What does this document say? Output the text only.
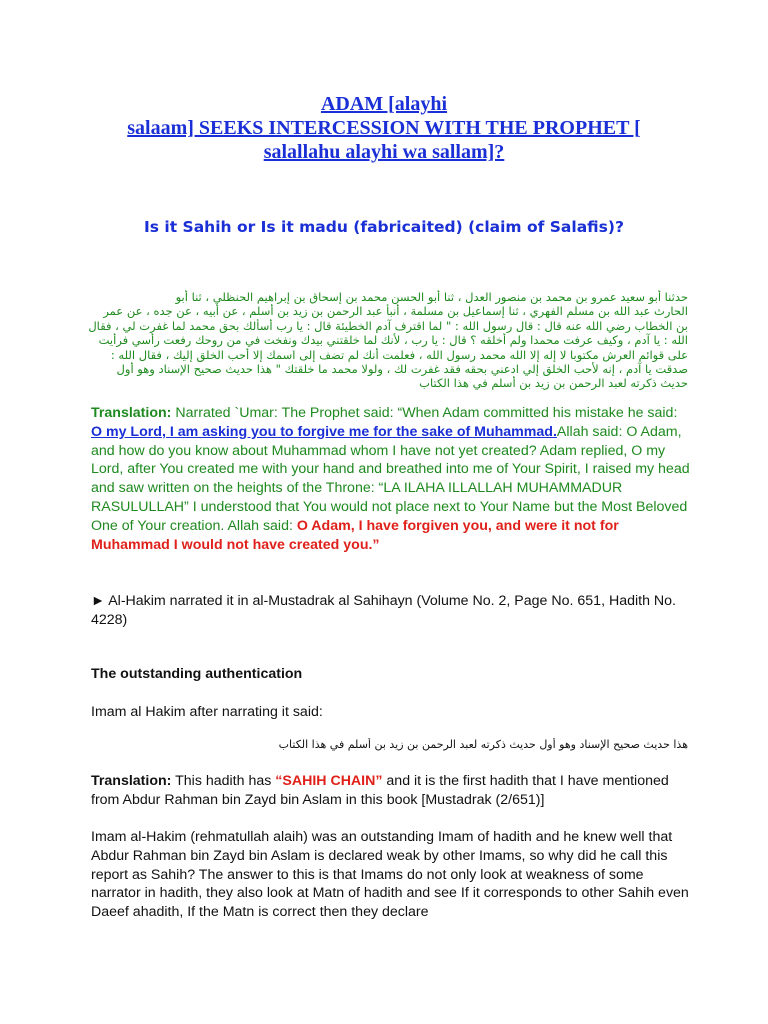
ADAM [alayhi
salaam] SEEKS INTERCESSION WITH THE PROPHET [
salallahu alayhi wa sallam]?
Is it Sahih or Is it madu (fabricaited) (claim of Salafis)?
حدثنا أبو سعيد عمرو بن محمد بن منصور العدل ، ثنا أبو الحسن محمد بن إسحاق بن إبراهيم الحنظلي ، ثنا أبو
الحارث عبد الله بن مسلم الفهري ، ثنا إسماعيل بن مسلمة ، أنبأ عبد الرحمن بن زيد بن أسلم ، عن أبيه ، عن جده ، عن عمر
بن الخطاب رضي الله عنه قال : قال رسول الله : " لما اقترف آدم الخطيئة قال : يا رب أسألك بحق محمد لما غفرت لي ، فقال
الله : يا آدم ، وكيف عرفت محمدا ولم أخلقه ؟ قال : يا رب ، لأنك لما خلقتني بيدك ونفخت في من روحك رفعت رأسي فرأيت
على قوائم العرش مكتوبا لا إله إلا الله محمد رسول الله ، فعلمت أنك لم تضف إلى اسمك إلا أحب الخلق إليك ، فقال الله :
صدقت يا آدم ، إنه لأحب الخلق إلي ادعني بحقه فقد غفرت لك ، ولولا محمد ما خلقتك " هذا حديث صحيح الإسناد وهو أول
حديث ذكرته لعبد الرحمن بن زيد بن أسلم في هذا الكتاب
Translation: Narrated `Umar: The Prophet said: “When Adam committed his mistake he said: O my Lord, I am asking you to forgive me for the sake of Muhammad.Allah said: O Adam, and how do you know about Muhammad whom I have not yet created? Adam replied, O my Lord, after You created me with your hand and breathed into me of Your Spirit, I raised my head and saw written on the heights of the Throne: “LA ILAHA ILLALLAH MUHAMMADUR RASULULLAH” I understood that You would not place next to Your Name but the Most Beloved One of Your creation. Allah said: O Adam, I have forgiven you, and were it not for Muhammad I would not have created you.”
► Al-Hakim narrated it in al-Mustadrak al Sahihayn (Volume No. 2, Page No. 651, Hadith No. 4228)
The outstanding authentication
Imam al Hakim after narrating it said:
هذا حديث صحيح الإسناد وهو أول حديث ذكرته لعبد الرحمن بن زيد بن أسلم في هذا الكتاب
Translation: This hadith has “SAHIH CHAIN” and it is the first hadith that I have mentioned from Abdur Rahman bin Zayd bin Aslam in this book [Mustadrak (2/651)]
Imam al-Hakim (rehmatullah alaih) was an outstanding Imam of hadith and he knew well that Abdur Rahman bin Zayd bin Aslam is declared weak by other Imams, so why did he call this report as Sahih? The answer to this is that Imams do not only look at weakness of some narrator in hadith, they also look at Matn of hadith and see If it corresponds to other Sahih even Daeef ahadith, If the Matn is correct then they declare
